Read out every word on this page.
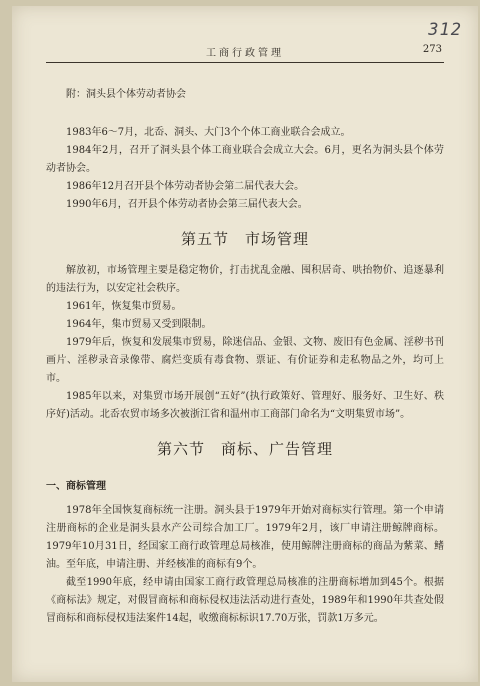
312
工商行政管理	273

附：洞头县个体劳动者协会

1983年6～7月，北岙、洞头、大门3个个体工商业联合会成立。

1984年2月，召开了洞头县个体工商业联合会成立大会。6月，更名为洞头县个体劳动者协会。

1986年12月召开县个体劳动者协会第二届代表大会。

1990年6月，召开县个体劳动者协会第三届代表大会。

第五节　市场管理

解放初，市场管理主要是稳定物价，打击扰乱金融、囤积居奇、哄抬物价、追逐暴利的违法行为，以安定社会秩序。

1961年，恢复集市贸易。

1964年，集市贸易又受到限制。

1979年后，恢复和发展集市贸易，除迷信品、金银、文物、废旧有色金属、淫秽书刊画片、淫秽录音录像带、腐烂变质有毒食物、票证、有价证券和走私物品之外，均可上市。

1985年以来，对集贸市场开展创“五好”(执行政策好、管理好、服务好、卫生好、秩序好)活动。北岙农贸市场多次被浙江省和温州市工商部门命名为“文明集贸市场”。

第六节　商标、广告管理
一、商标管理

1978年全国恢复商标统一注册。洞头县于1979年开始对商标实行管理。第一个申请注册商标的企业是洞头县水产公司综合加工厂。1979年2月，该厂申请注册鲸牌商标。1979年10月31日，经国家工商行政管理总局核准，使用鲸牌注册商标的商品为紫菜、鳍油。至年底，申请注册、并经核准的商标有9个。

截至1990年底，经申请由国家工商行政管理总局核准的注册商标增加到45个。根据《商标法》规定，对假冒商标和商标侵权违法活动进行查处，1989年和1990年共查处假冒商标和商标侵权违法案件14起，收缴商标标识17.70万张，罚款1万多元。
